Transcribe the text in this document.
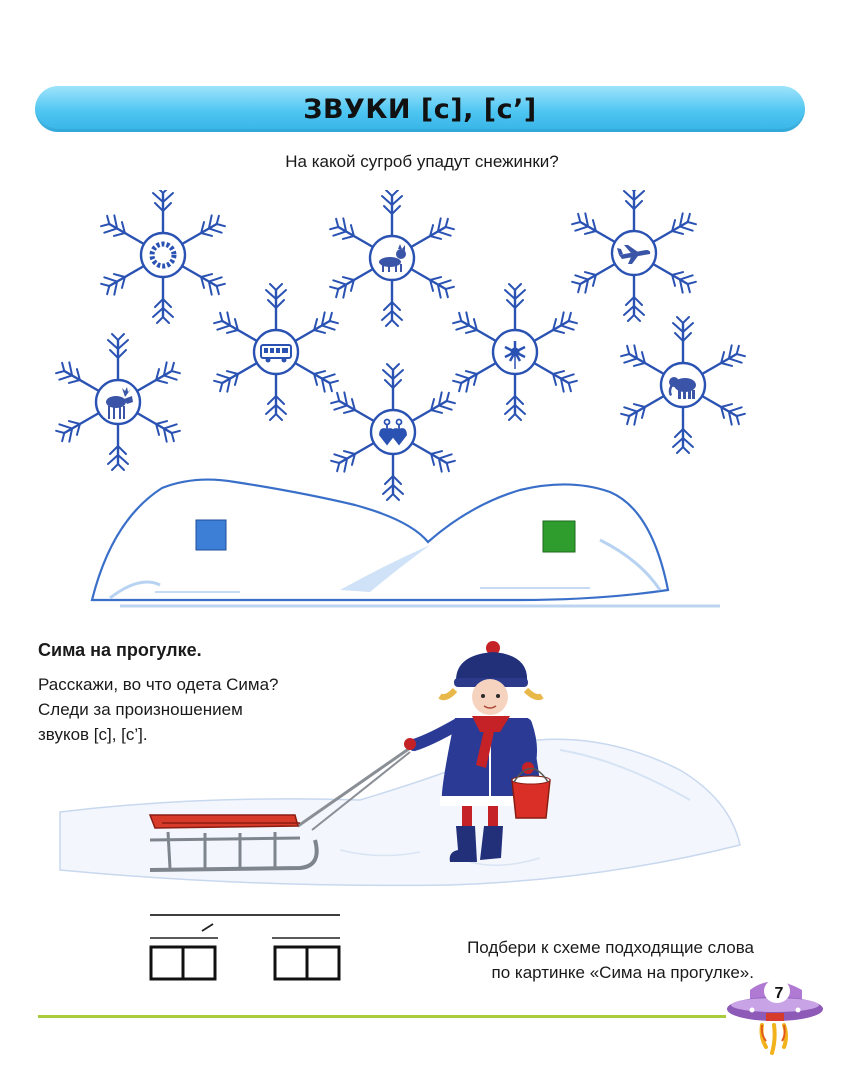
ЗВУКИ [с], [с’]
На какой сугроб упадут снежинки?
Сима на прогулке.
Расскажи, во что одета Сима?
Следи за произношением
звуков [с], [с’].
Подбери к схеме подходящие слова
по картинке «Сима на прогулке».
7
